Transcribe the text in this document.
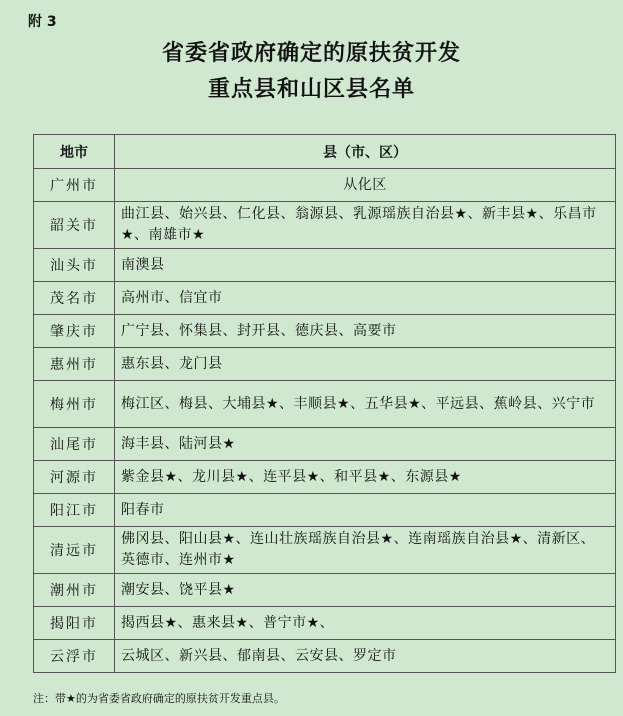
附 3
省委省政府确定的原扶贫开发
重点县和山区县名单
地市	县（市、区）
广州市	从化区
韶关市	曲江县、始兴县、仁化县、翁源县、乳源瑶族自治县★、新丰县★、乐昌市★、南雄市★
汕头市	南澳县
茂名市	高州市、信宜市
肇庆市	广宁县、怀集县、封开县、德庆县、高要市
惠州市	惠东县、龙门县
梅州市	梅江区、梅县、大埔县★、丰顺县★、五华县★、平远县、蕉岭县、兴宁市
汕尾市	海丰县、陆河县★
河源市	紫金县★、龙川县★、连平县★、和平县★、东源县★
阳江市	阳春市
清远市	佛冈县、阳山县★、连山壮族瑶族自治县★、连南瑶族自治县★、清新区、英德市、连州市★
潮州市	潮安县、饶平县★
揭阳市	揭西县★、惠来县★、普宁市★、
云浮市	云城区、新兴县、郁南县、云安县、罗定市
注：带★的为省委省政府确定的原扶贫开发重点县。
